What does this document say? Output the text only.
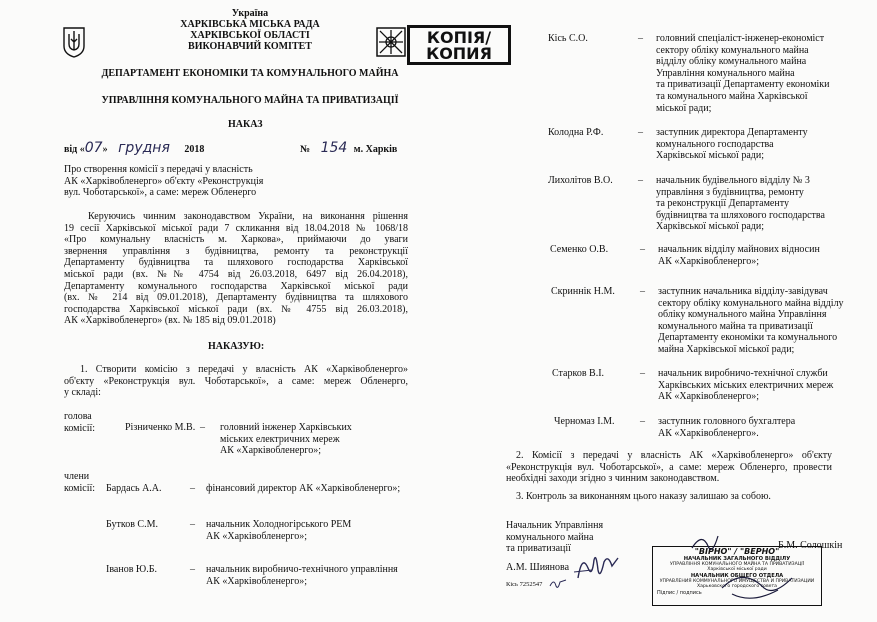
Україна
ХАРКІВСЬКА МІСЬКА РАДА
ХАРКІВСЬКОЇ ОБЛАСТІ
ВИКОНАВЧИЙ КОМІТЕТ
ДЕПАРТАМЕНТ ЕКОНОМІКИ ТА КОМУНАЛЬНОГО МАЙНА
КОПІЯ/
КОПИЯ
УПРАВЛІННЯ КОМУНАЛЬНОГО МАЙНА ТА ПРИВАТИЗАЦІЇ
НАКАЗ
від «07» грудня 2018	№ 154 м. Харків
Про створення комісії з передачі у власність
АК «Харківобленерго» об'єкту «Реконструкція
вул. Чоботарської», а саме: мереж Обленерго
Керуючись чинним законодавством України, на виконання рішення
19 сесії Харківської міської ради 7 скликання від 18.04.2018 № 1068/18
«Про комунальну власність м. Харкова», приймаючи до уваги
звернення управління з будівництва, ремонту та реконструкції
Департаменту будівництва та шляхового господарства Харківської
міської ради (вх. №№ 4754 від 26.03.2018, 6497 від 26.04.2018),
Департаменту комунального господарства Харківської міської ради
(вх. № 214 від 09.01.2018), Департаменту будівництва та шляхового
господарства Харківської міської ради (вх. № 4755 від 26.03.2018),
АК «Харківобленерго» (вх. № 185 від 09.01.2018)
НАКАЗУЮ:
1. Створити комісію з передачі у власність АК «Харківобленерго»
об'єкту «Реконструкція вул. Чоботарської», а саме: мереж Обленерго,
у складі:
голова
комісії:	Різниченко М.В. – головний інженер Харківських
міських електричних мереж
АК «Харківобленерго»;
члени
комісії: Бардась А.А.	– фінансовий директор АК «Харківобленерго»;
Бутков С.М.	– начальник Холодногірського РЕМ
АК «Харківобленерго»;
Іванов Ю.Б.	– начальник виробничо-технічного управління
АК «Харківобленерго»;
Кісь С.О.	– головний спеціаліст-інженер-економіст
сектору обліку комунального майна
відділу обліку комунального майна
Управління комунального майна
та приватизації Департаменту економіки
та комунального майна Харківської
міської ради;
Колодна Р.Ф.	– заступник директора Департаменту
комунального господарства
Харківської міської ради;
Лихолітов В.О.	– начальник будівельного відділу № 3
управління з будівництва, ремонту
та реконструкції Департаменту
будівництва та шляхового господарства
Харківської міської ради;
Семенко О.В.	– начальник відділу майнових відносин
АК «Харківобленерго»;
Скриннік Н.М.	– заступник начальника відділу-завідувач
сектору обліку комунального майна відділу
обліку комунального майна Управління
комунального майна та приватизації
Департаменту економіки та комунального
майна Харківської міської ради;
Старков В.І.	– начальник виробничо-технічної служби
Харківських міських електричних мереж
АК «Харківобленерго»;
Черномаз І.М.	– заступник головного бухгалтера
АК «Харківобленерго».
2. Комісії з передачі у власність АК «Харківобленерго» об'єкту
«Реконструкція вул. Чоботарської», а саме: мереж Обленерго, провести
необхідні заходи згідно з чинним законодавством.
3. Контроль за виконанням цього наказу залишаю за собою.
Начальник Управління
комунального майна
та приватизації
А.М. Шиянова
Кісь 7252547
"ВІРНО" / "ВЕРНО"
НАЧАЛЬНИК ЗАГАЛЬНОГО ВІДДІЛУ
УПРАВЛІННЯ КОМУНАЛЬНОГО МАЙНА ТА ПРИВАТИЗАЦІЇ
Харківської міської ради
НАЧАЛЬНИК ОБЩЕГО ОТДЕЛА
УПРАВЛЕНИЯ КОММУНАЛЬНОГО ИМУЩЕСТВА И ПРИВАТИЗАЦИИ
Харьковского городского совета
Підпис / подпись
Б.М. Солошкін
